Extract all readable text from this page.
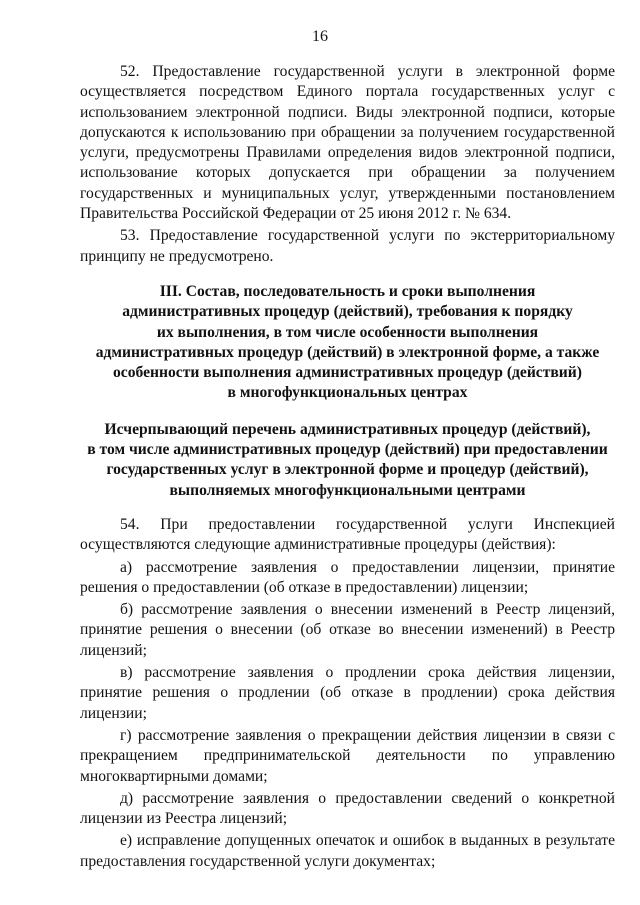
16

52. Предоставление государственной услуги в электронной форме осуществляется посредством Единого портала государственных услуг с использованием электронной подписи. Виды электронной подписи, которые допускаются к использованию при обращении за получением государственной услуги, предусмотрены Правилами определения видов электронной подписи, использование которых допускается при обращении за получением государственных и муниципальных услуг, утвержденными постановлением Правительства Российской Федерации от 25 июня 2012 г. № 634.

53. Предоставление государственной услуги по экстерриториальному принципу не предусмотрено.

III. Состав, последовательность и сроки выполнения

административных процедур (действий), требования к порядку

их выполнения, в том числе особенности выполнения

административных процедур (действий) в электронной форме, а также

особенности выполнения административных процедур (действий)

в многофункциональных центрах

Исчерпывающий перечень административных процедур (действий),

в том числе административных процедур (действий) при предоставлении

государственных услуг в электронной форме и процедур (действий),

выполняемых многофункциональными центрами

54. При предоставлении государственной услуги Инспекцией осуществляются следующие административные процедуры (действия):

а) рассмотрение заявления о предоставлении лицензии, принятие решения о предоставлении (об отказе в предоставлении) лицензии;

б) рассмотрение заявления о внесении изменений в Реестр лицензий, принятие решения о внесении (об отказе во внесении изменений) в Реестр лицензий;

в) рассмотрение заявления о продлении срока действия лицензии, принятие решения о продлении (об отказе в продлении) срока действия лицензии;

г) рассмотрение заявления о прекращении действия лицензии в связи с прекращением предпринимательской деятельности по управлению многоквартирными домами;

д) рассмотрение заявления о предоставлении сведений о конкретной лицензии из Реестра лицензий;

е) исправление допущенных опечаток и ошибок в выданных в результате предоставления государственной услуги документах;
